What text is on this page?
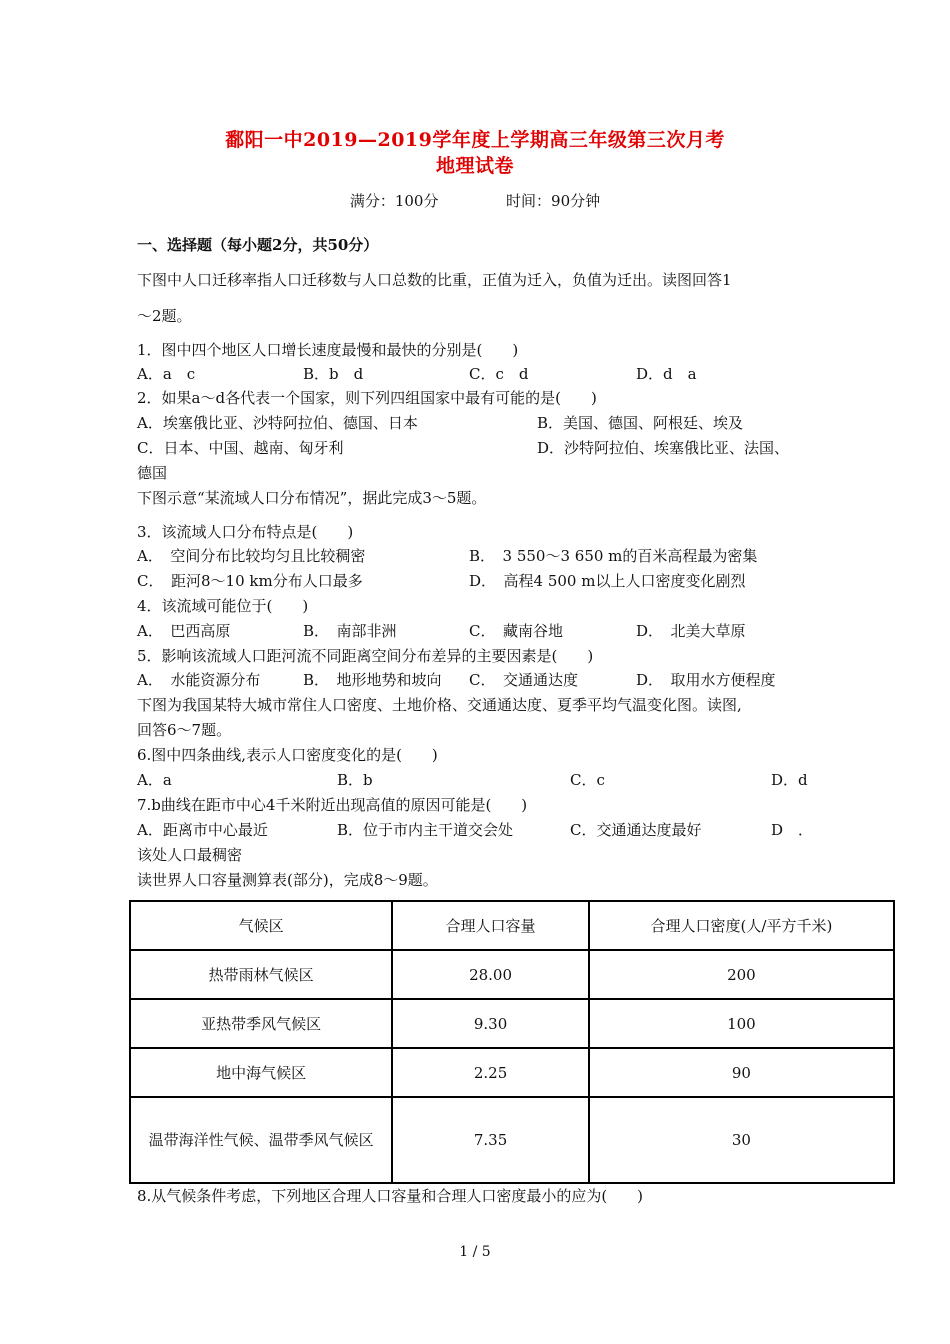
鄱阳一中2019—2019学年度上学期高三年级第三次月考
地理试卷
满分：100分	时间：90分钟
一、选择题（每小题2分，共50分）
下图中人口迁移率指人口迁移数与人口总数的比重，正值为迁入，负值为迁出。读图回答1
～2题。
1．图中四个地区人口增长速度最慢和最快的分别是(　　)
A．a　c	B．b　d	C．c　d	D．d　a
2．如果a～d各代表一个国家，则下列四组国家中最有可能的是(　　)
A．埃塞俄比亚、沙特阿拉伯、德国、日本	B．美国、德国、阿根廷、埃及
C．日本、中国、越南、匈牙利	D．沙特阿拉伯、埃塞俄比亚、法国、
德国
下图示意“某流域人口分布情况”，据此完成3～5题。
3．该流域人口分布特点是(　　)
A．　空间分布比较均匀且比较稠密	B．　3 550～3 650 m的百米高程最为密集
C．　距河8～10 km分布人口最多	D．　高程4 500 m以上人口密度变化剧烈
4．该流域可能位于(　　)
A．　巴西高原	B．　南部非洲	C．　藏南谷地	D．　北美大草原
5．影响该流域人口距河流不同距离空间分布差异的主要因素是(　　)
A．　水能资源分布	B．　地形地势和坡向 C．　交通通达度	D．　取用水方便程度
下图为我国某特大城市常住人口密度、土地价格、交通通达度、夏季平均气温变化图。读图,
回答6～7题。
6.图中四条曲线,表示人口密度变化的是(　　)
A．a	B．b	C．c	D．d
7.b曲线在距市中心4千米附近出现高值的原因可能是(　　)
A．距离市中心最近	B．位于市内主干道交会处	C．交通通达度最好	D　．
该处人口最稠密
读世界人口容量测算表(部分)，完成8～9题。
气候区	合理人口容量	合理人口密度(人/平方千米)
热带雨林气候区	28.00	200
亚热带季风气候区	9.30	100
地中海气候区	2.25	90
温带海洋性气候、温带季风气候区	7.35	30
8.从气候条件考虑，下列地区合理人口容量和合理人口密度最小的应为(　　)
1 / 5
